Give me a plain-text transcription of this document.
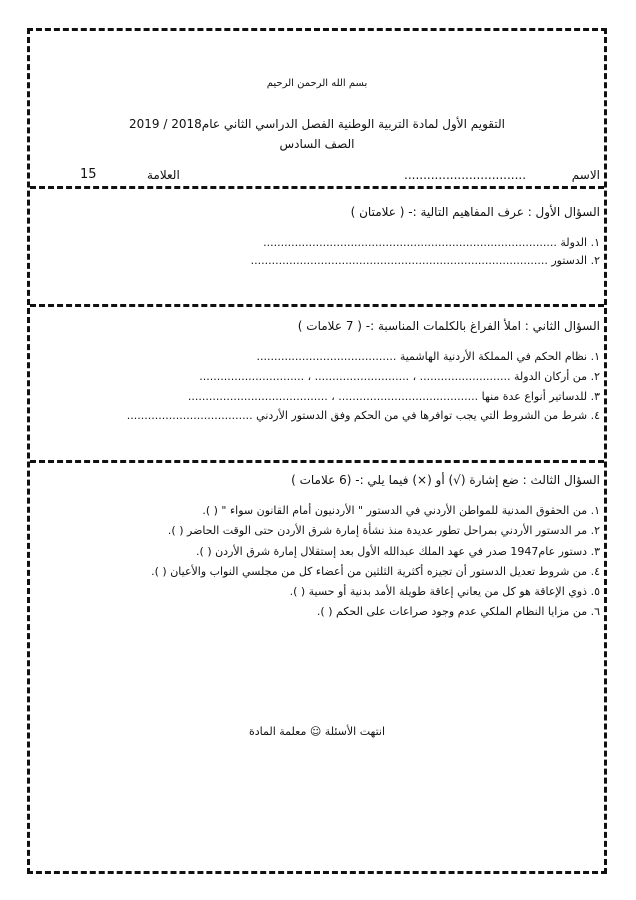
بسم الله الرحمن الرحيم
التقويم الأول لمادة التربية الوطنية الفصل الدراسي الثاني عام2018 / 2019
الصف السادس
الاسم
................................
العلامة
15
السؤال الأول : عرف المفاهيم التالية :- ( علامتان )
١. الدولة ....................................................................................
٢. الدستور .....................................................................................
السؤال الثاني : املأ الفراغ بالكلمات المناسبة :- ( 7 علامات )
١. نظام الحكم في المملكة الأردنية الهاشمية ........................................
٢. من أركان الدولة .......................... ، ........................... ، ..............................
٣. للدساتير أنواع عدة منها ........................................ ، ........................................
٤. شرط من الشروط التي يجب توافرها في من الحكم وفق الدستور الأردني ....................................
السؤال الثالث : ضع إشارة (√) أو (×) فيما يلي :- (6 علامات )
١. من الحقوق المدنية للمواطن الأردني في الدستور " الأردنيون أمام القانون سواء " ( ).
٢. مر الدستور الأردني بمراحل تطور عديدة منذ نشأة إمارة شرق الأردن حتى الوقت الحاضر ( ).
٣. دستور عام1947 صدر في عهد الملك عبدالله الأول بعد إستقلال إمارة شرق الأردن ( ).
٤. من شروط تعديل الدستور أن تجيزه أكثرية الثلثين من أعضاء كل من مجلسي النواب والأعيان ( ).
٥. ذوي الإعاقة هو كل من يعاني إعاقة طويلة الأمد بدنية أو حسية ( ).
٦. من مزايا النظام الملكي عدم وجود صراعات على الحكم ( ).
انتهت الأسئلة ☺ معلمة المادة
